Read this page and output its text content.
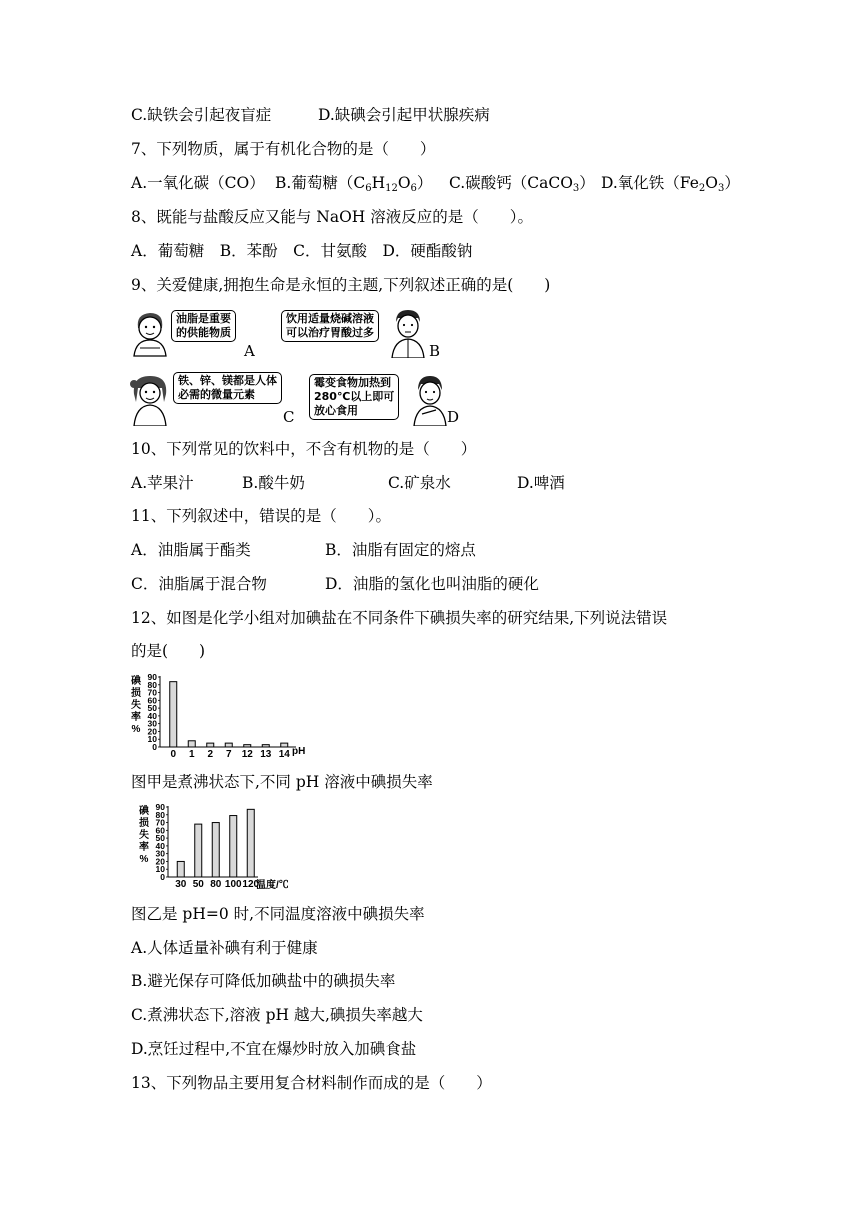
C.缺铁会引起夜盲症	D.缺碘会引起甲状腺疾病
7、下列物质，属于有机化合物的是（　　）
A.一氧化碳（CO） B.葡萄糖$(C_6H_{12}O_6)$ C.碳酸钙（CaCO$_3$） D.氧化铁$(Fe_2O_3)$
8、既能与盐酸反应又能与 NaOH 溶液反应的是（　　）。
A．葡萄糖　B．苯酚　C．甘氨酸　D．硬酯酸钠
9、关爱健康,拥抱生命是永恒的主题,下列叙述正确的是(　　)
油脂是重要
的供能物质
A
饮用适量烧碱溶液
可以治疗胃酸过多
B
铁、锌、镁都是人体
必需的微量元素
C
霉变食物加热到
280℃以上即可
放心食用	D
10、下列常见的饮料中，不含有机物的是（　　）
A.苹果汁	B.酸牛奶	C.矿泉水	D.啤酒
11、下列叙述中，错误的是（　　）。
A．油脂属于酯类	B．油脂有固定的熔点
C．油脂属于混合物	D．油脂的氢化也叫油脂的硬化
12、如图是化学小组对加碘盐在不同条件下碘损失率的研究结果,下列说法错误
的是(　　)
碘
损
失
率
%
90
80
70
60
50
40
30
20
10
0
0 1 2 7 12 13 14 pH
图甲是煮沸状态下,不同 pH 溶液中碘损失率
碘
损
失
率
%
90
80
70
60
50
40
30
20
10
0
30 50 80 100 120
温度/℃
图乙是 pH=0 时,不同温度溶液中碘损失率
A.人体适量补碘有利于健康
B.避光保存可降低加碘盐中的碘损失率
C.煮沸状态下,溶液 pH 越大,碘损失率越大
D.烹饪过程中,不宜在爆炒时放入加碘食盐
13、下列物品主要用复合材料制作而成的是（　　）
